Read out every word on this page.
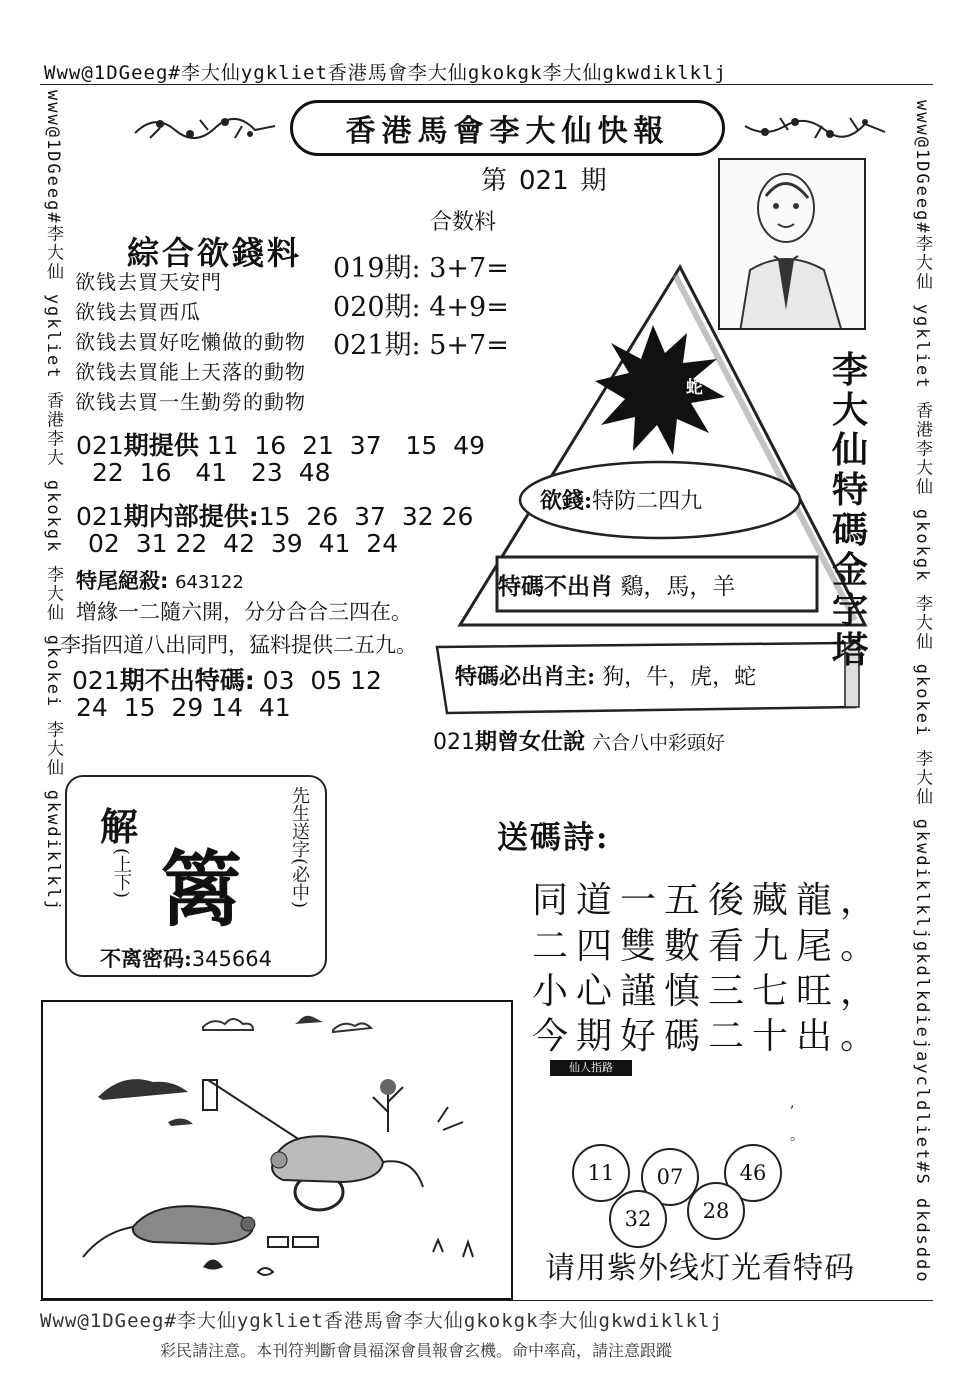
Www@1DGeeg#李大仙ygkliet香港馬會李大仙gkokgk李大仙gkwdiklklj
Www@1DGeeg#李大仙ygkliet香港馬會李大仙gkokgk李大仙gkwdiklklj
彩民請注意。本刊符判斷會員福深會員報會玄機。命中率高，請注意跟蹤
www@1DGeeg#李大仙 ygkliet 香港李大 gkokgk 李大仙 gkokei 李大仙 gkwdiklklj	www@1DGeeg#李大仙 ygkliet 香港李大仙 gkokgk 李大仙 gkokei 李大仙 gkwdiklkljgkdlkdiejaycldliet#S dkdsddo
香港馬會李大仙快報
第 021 期
合数料
019期: 3+7=
020期: 4+9=
021期: 5+7=
綜合欲錢料
欲钱去買天安門
欲钱去買西瓜
欲钱去買好吃懶做的動物
欲钱去買能上天落的動物
欲钱去買一生勤勞的動物
蛇	李大仙特碼金字塔
欲錢:特防二四九
特碼不出肖 鷄，馬，羊
特碼必出肖主: 狗，牛，虎，蛇
021期提供 11  16  21  37   15  49
22  16   41   23  48
021期内部提供:15  26  37  32 26
02  31 22  42  39  41  24
特尾絕殺: 643122
增緣一二隨六開，分分合合三四在。
李指四道八出同門，猛料提供二五九。
021期不出特碼: 03  05 12
24  15  29 14  41
021期曾女仕說 六合八中彩頭好
解
(上下) 篱	先生送字(必中)
不离密码:345664
送碼詩:
同道一五後藏龍，
二四雙數看九尾。
小心謹慎三七旺，
今期好碼二十出。
仙人指路
,
。
11	07	46
32	28
请用紫外线灯光看特码
